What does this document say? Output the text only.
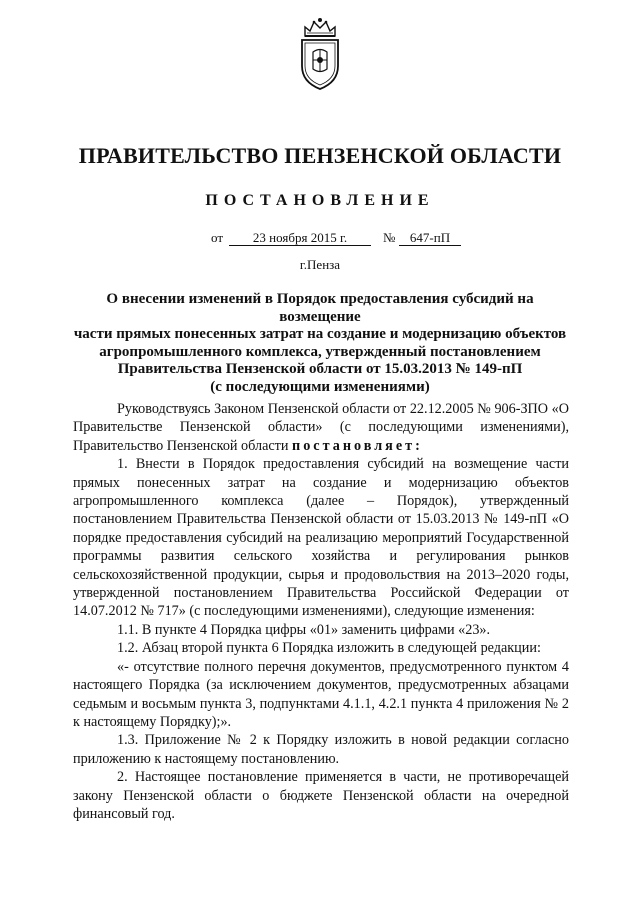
ПРАВИТЕЛЬСТВО ПЕНЗЕНСКОЙ ОБЛАСТИ
ПОСТАНОВЛЕНИЕ
от	23 ноября 2015 г.	№	647-пП
г.Пенза
О внесении изменений в Порядок предоставления субсидий на возмещение
части прямых понесенных затрат на создание и модернизацию объектов
агропромышленного комплекса, утвержденный постановлением
Правительства Пензенской области от 15.03.2013 № 149-пП
(с последующими изменениями)

Руководствуясь Законом Пензенской области от 22.12.2005 № 906-ЗПО «О Правительстве Пензенской области» (с последующими изменениями), Правительство Пензенской области постановляет:

1. Внести в Порядок предоставления субсидий на возмещение части прямых понесенных затрат на создание и модернизацию объектов агропромышленного комплекса (далее – Порядок), утвержденный постановлением Правительства Пензенской области от 15.03.2013 № 149-пП «О порядке предоставления субсидий на реализацию мероприятий Государственной программы развития сельского хозяйства и регулирования рынков сельскохозяйственной продукции, сырья и продовольствия на 2013–2020 годы, утвержденной постановлением Правительства Российской Федерации от 14.07.2012 № 717» (с последующими изменениями), следующие изменения:

1.1. В пункте 4 Порядка цифры «01» заменить цифрами «23».

1.2. Абзац второй пункта 6 Порядка изложить в следующей редакции:

«- отсутствие полного перечня документов, предусмотренного пунктом 4 настоящего Порядка (за исключением документов, предусмотренных абзацами седьмым и восьмым пункта 3, подпунктами 4.1.1, 4.2.1 пункта 4 приложения № 2 к настоящему Порядку);».

1.3. Приложение № 2 к Порядку изложить в новой редакции согласно приложению к настоящему постановлению.

2. Настоящее постановление применяется в части, не противоречащей закону Пензенской области о бюджете Пензенской области на очередной финансовый год.
